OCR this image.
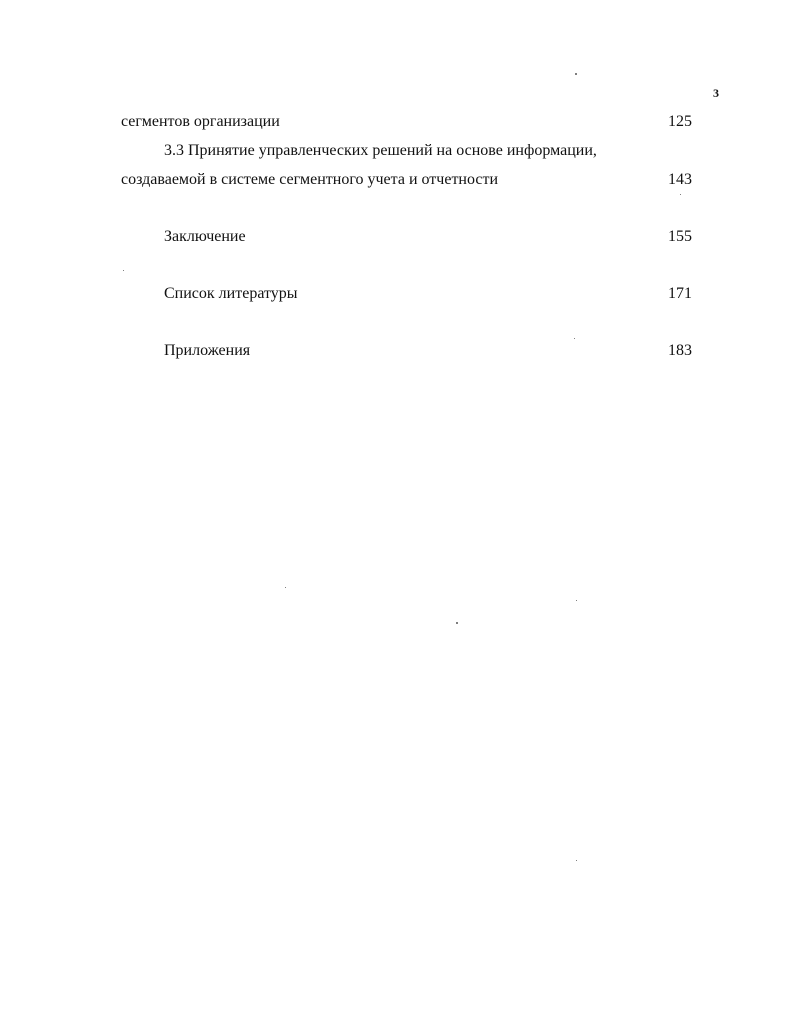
3
сегментов организации	125
3.3 Принятие управленческих решений на основе информации,
создаваемой в системе сегментного учета и отчетности	143
Заключение	155
Список литературы	171
Приложения	183
